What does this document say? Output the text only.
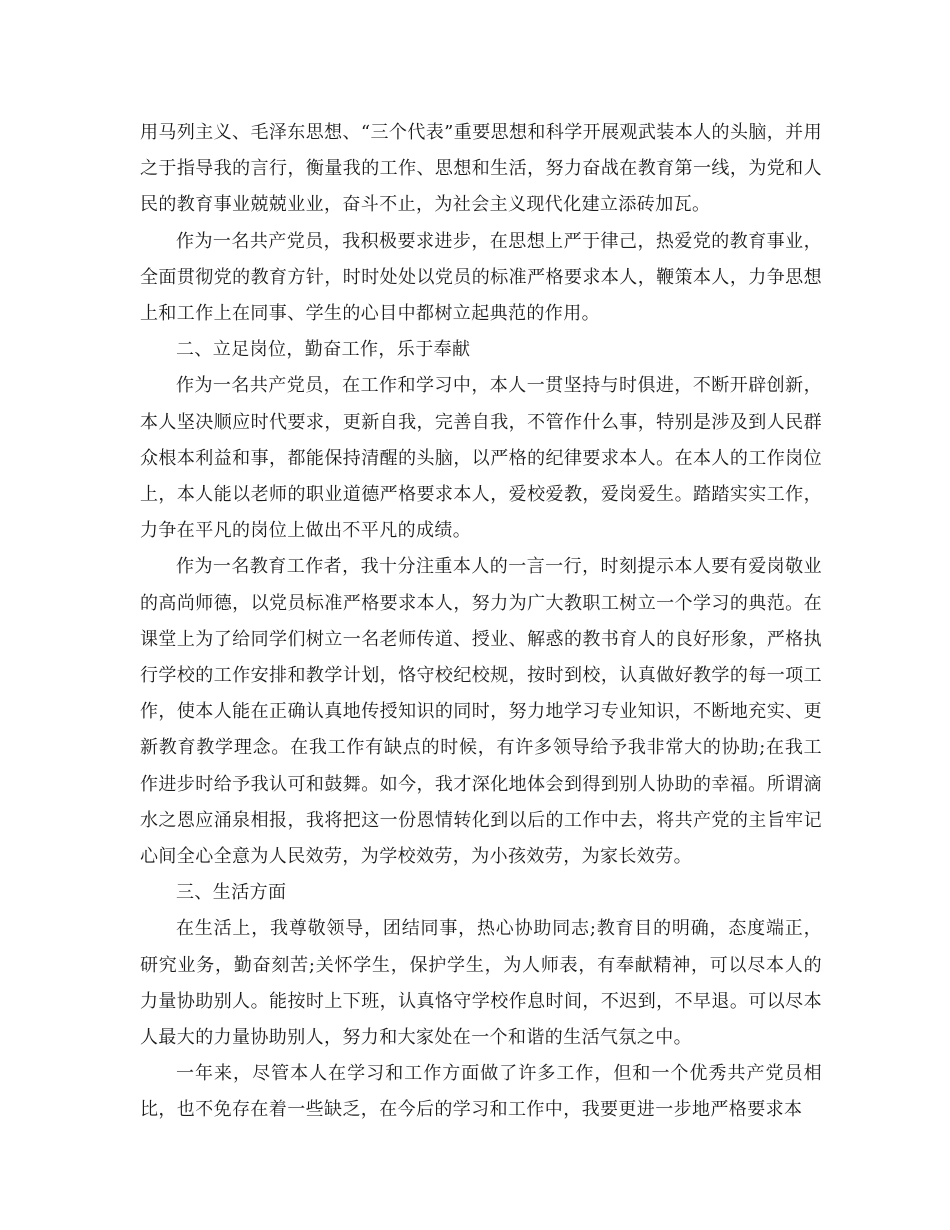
用马列主义、毛泽东思想、“三个代表”重要思想和科学开展观武装本人的头脑，并用之于指导我的言行，衡量我的工作、思想和生活，努力奋战在教育第一线，为党和人民的教育事业兢兢业业，奋斗不止，为社会主义现代化建立添砖加瓦。

作为一名共产党员，我积极要求进步，在思想上严于律己，热爱党的教育事业，全面贯彻党的教育方针，时时处处以党员的标准严格要求本人，鞭策本人，力争思想上和工作上在同事、学生的心目中都树立起典范的作用。

二、立足岗位，勤奋工作，乐于奉献

作为一名共产党员，在工作和学习中，本人一贯坚持与时俱进，不断开辟创新，本人坚决顺应时代要求，更新自我，完善自我，不管作什么事，特别是涉及到人民群众根本利益和事，都能保持清醒的头脑，以严格的纪律要求本人。在本人的工作岗位上，本人能以老师的职业道德严格要求本人，爱校爱教，爱岗爱生。踏踏实实工作，力争在平凡的岗位上做出不平凡的成绩。

作为一名教育工作者，我十分注重本人的一言一行，时刻提示本人要有爱岗敬业的高尚师德，以党员标准严格要求本人，努力为广大教职工树立一个学习的典范。在课堂上为了给同学们树立一名老师传道、授业、解惑的教书育人的良好形象，严格执行学校的工作安排和教学计划，恪守校纪校规，按时到校，认真做好教学的每一项工作，使本人能在正确认真地传授知识的同时，努力地学习专业知识，不断地充实、更新教育教学理念。在我工作有缺点的时候，有许多领导给予我非常大的协助;在我工作进步时给予我认可和鼓舞。如今，我才深化地体会到得到别人协助的幸福。所谓滴水之恩应涌泉相报，我将把这一份恩情转化到以后的工作中去，将共产党的主旨牢记心间全心全意为人民效劳，为学校效劳，为小孩效劳，为家长效劳。

三、生活方面

在生活上，我尊敬领导，团结同事，热心协助同志;教育目的明确，态度端正，研究业务，勤奋刻苦;关怀学生，保护学生，为人师表，有奉献精神，可以尽本人的力量协助别人。能按时上下班，认真恪守学校作息时间，不迟到，不早退。可以尽本人最大的力量协助别人，努力和大家处在一个和谐的生活气氛之中。

一年来，尽管本人在学习和工作方面做了许多工作，但和一个优秀共产党员相比，也不免存在着一些缺乏，在今后的学习和工作中，我要更进一步地严格要求本
